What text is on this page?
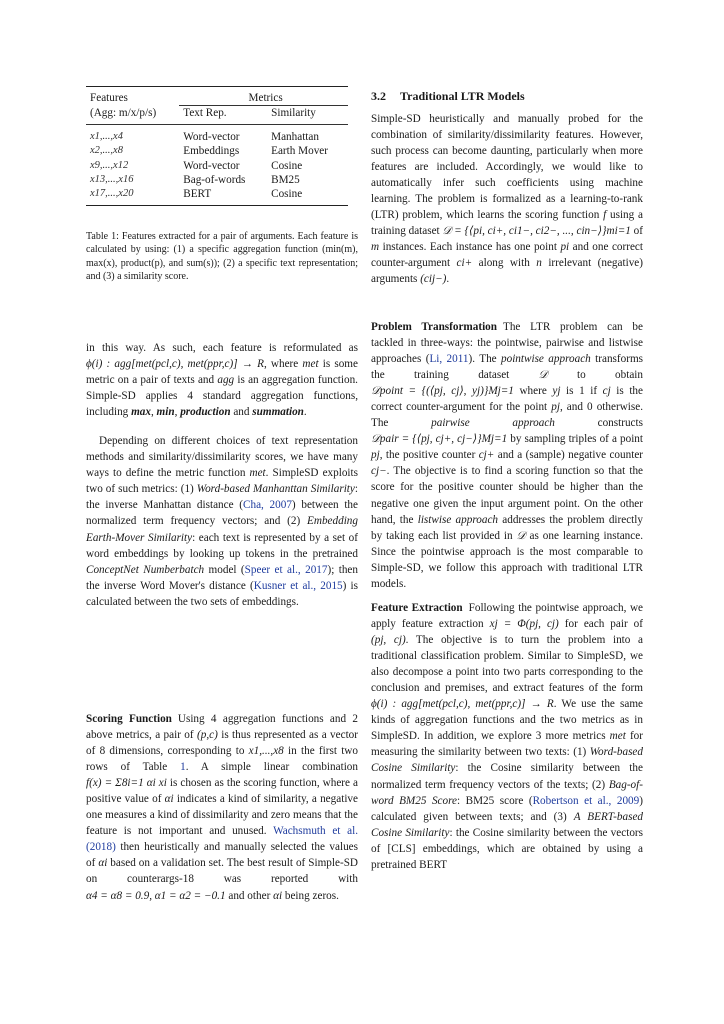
Features	Metrics	
(Agg: m/x/p/s)	Text Rep.	Similarity
x1,...,x4	Word-vector	Manhattan
x2,...,x8	Embeddings	Earth Mover
x9,...,x12	Word-vector	Cosine
x13,...,x16	Bag-of-words	BM25
x17,...,x20	BERT	Cosine
Table 1: Features extracted for a pair of arguments. Each feature is calculated by using: (1) a specific aggregation function (min(m), max(x), product(p), and sum(s)); (2) a specific text representation; and (3) a similarity score.

in this way. As such, each feature is reformulated as ϕ(i) : agg[met(pcl,c), met(ppr,c)] → R, where met is some metric on a pair of texts and agg is an aggregation function. Simple-SD applies 4 standard aggregation functions, including max, min, production and summation.

Depending on different choices of text representation methods and similarity/dissimilarity scores, we have many ways to define the metric function met. SimpleSD exploits two of such metrics: (1) Word-based Manhanttan Similarity: the inverse Manhattan distance (Cha, 2007) between the normalized term frequency vectors; and (2) Embedding Earth-Mover Similarity: each text is represented by a set of word embeddings by looking up tokens in the pretrained ConceptNet Numberbatch model (Speer et al., 2017); then the inverse Word Mover's distance (Kusner et al., 2015) is calculated between the two sets of embeddings.

Scoring Function Using 4 aggregation functions and 2 above metrics, a pair of (p,c) is thus represented as a vector of 8 dimensions, corresponding to x1,...,x8 in the first two rows of Table 1. A simple linear combination f(x) = Σ8i=1 αi xi is chosen as the scoring function, where a positive value of αi indicates a kind of similarity, a negative one measures a kind of dissimilarity and zero means that the feature is not important and unused. Wachsmuth et al. (2018) then heuristically and manually selected the values of αi based on a validation set. The best result of Simple-SD on counterargs-18 was reported with α4 = α8 = 0.9, α1 = α2 = −0.1 and other αi being zeros.

3.2 Traditional LTR Models

Simple-SD heuristically and manually probed for the combination of similarity/dissimilarity features. However, such process can become daunting, particularly when more features are included. Accordingly, we would like to automatically infer such coefficients using machine learning. The problem is formalized as a learning-to-rank (LTR) problem, which learns the scoring function f using a training dataset 𝒟 = {⟨pi, ci+, ci1−, ci2−, ..., cin−⟩}mi=1 of m instances. Each instance has one point pi and one correct counter-argument ci+ along with n irrelevant (negative) arguments (cij−).

Problem Transformation The LTR problem can be tackled in three-ways: the pointwise, pairwise and listwise approaches (Li, 2011). The pointwise approach transforms the training dataset 𝒟 to obtain 𝒟point = {(⟨pj, cj⟩, yj)}Mj=1 where yj is 1 if cj is the correct counter-argument for the point pj, and 0 otherwise. The pairwise approach constructs 𝒟pair = {⟨pj, cj+, cj−⟩}Mj=1 by sampling triples of a point pj, the positive counter cj+ and a (sample) negative counter cj−. The objective is to find a scoring function so that the score for the positive counter should be higher than the negative one given the input argument point. On the other hand, the listwise approach addresses the problem directly by taking each list provided in 𝒟 as one learning instance. Since the pointwise approach is the most comparable to Simple-SD, we follow this approach with traditional LTR models.

Feature Extraction Following the pointwise approach, we apply feature extraction xj = Φ(pj, cj) for each pair of (pj, cj). The objective is to turn the problem into a traditional classification problem. Similar to SimpleSD, we also decompose a point into two parts corresponding to the conclusion and premises, and extract features of the form ϕ(i) : agg[met(pcl,c), met(ppr,c)] → R. We use the same kinds of aggregation functions and the two metrics as in SimpleSD. In addition, we explore 3 more metrics met for measuring the similarity between two texts: (1) Word-based Cosine Similarity: the Cosine similarity between the normalized term frequency vectors of the texts; (2) Bag-of-word BM25 Score: BM25 score (Robertson et al., 2009) calculated given between texts; and (3) A BERT-based Cosine Similarity: the Cosine similarity between the vectors of [CLS] embeddings, which are obtained by using a pretrained BERT
